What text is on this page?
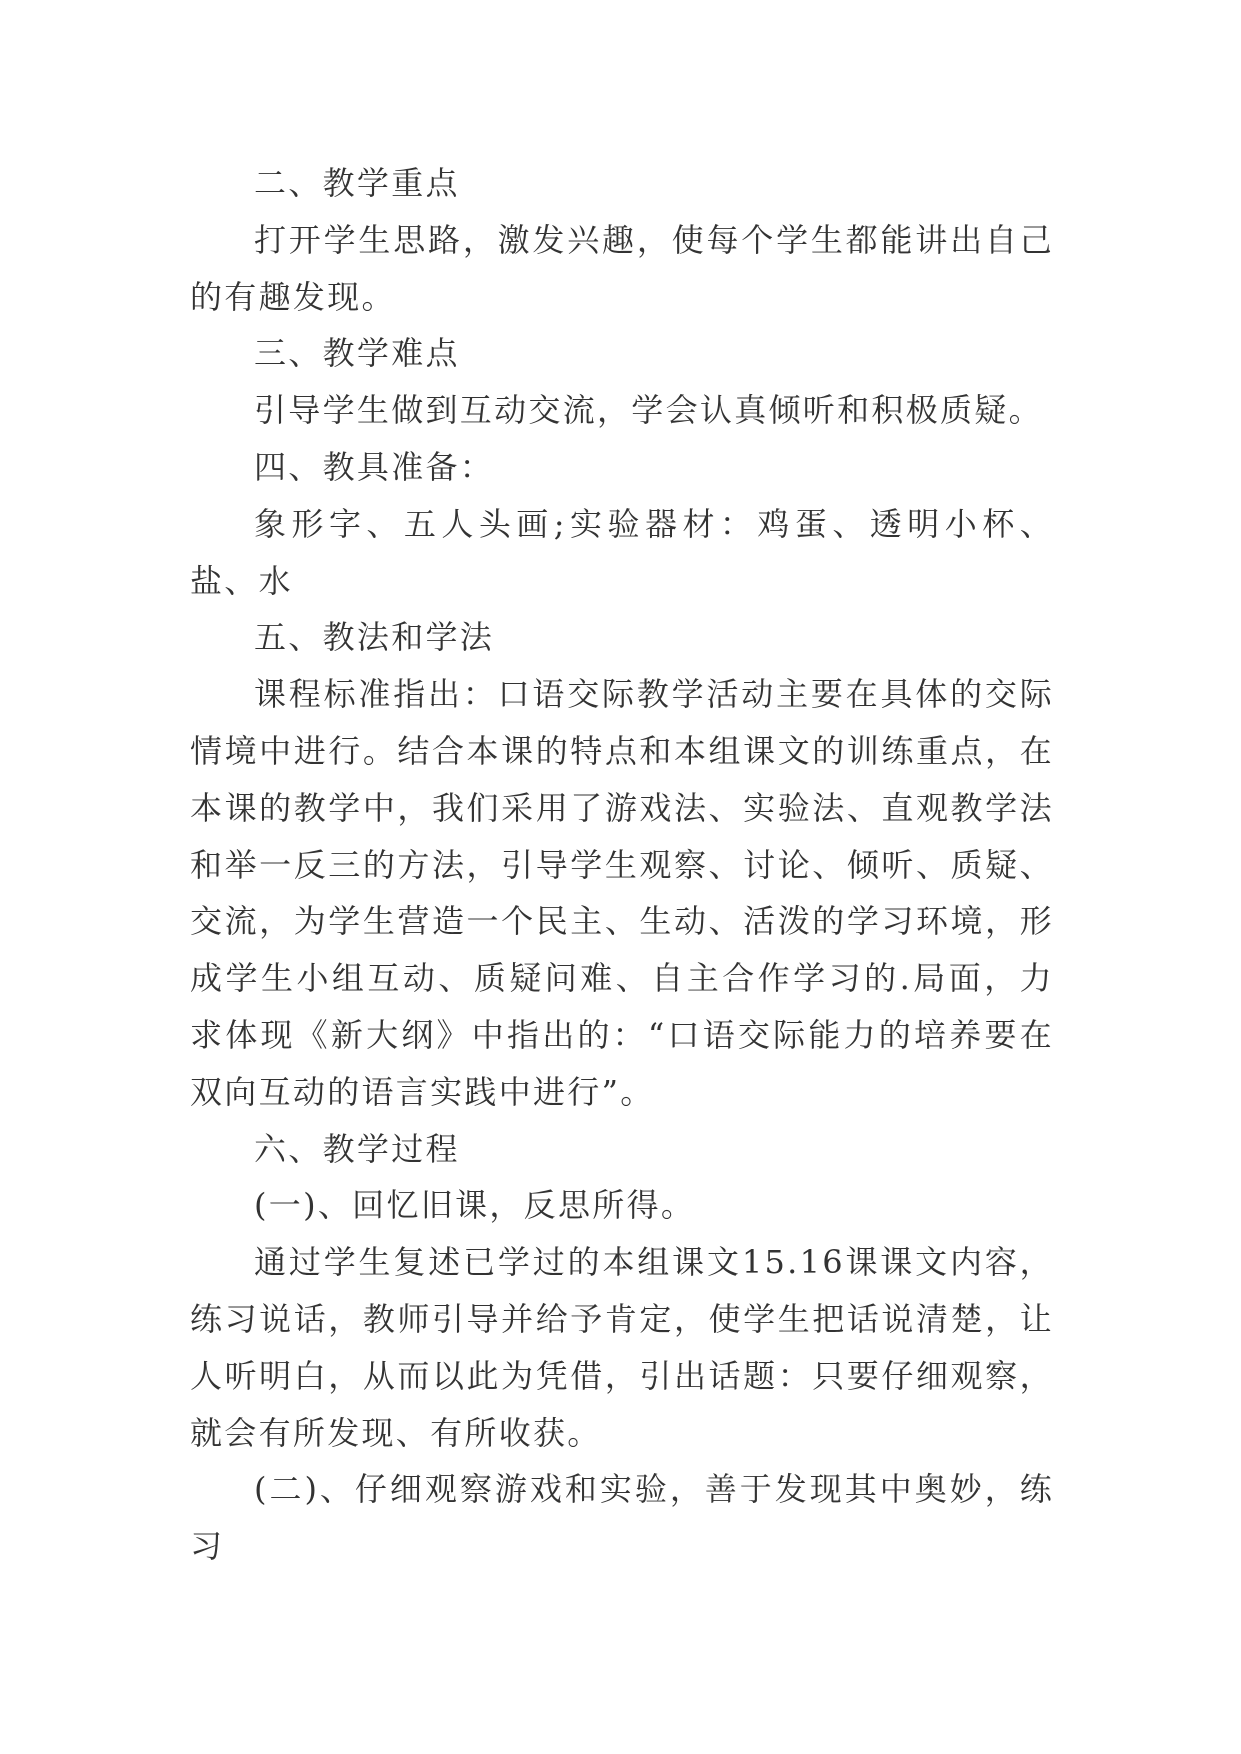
二、教学重点

打开学生思路，激发兴趣，使每个学生都能讲出自己的有趣发现。

三、教学难点

引导学生做到互动交流，学会认真倾听和积极质疑。

四、教具准备：

象形字、五人头画;实验器材：鸡蛋、透明小杯、盐、水

五、教法和学法

课程标准指出：口语交际教学活动主要在具体的交际情境中进行。结合本课的特点和本组课文的训练重点，在本课的教学中，我们采用了游戏法、实验法、直观教学法和举一反三的方法，引导学生观察、讨论、倾听、质疑、交流，为学生营造一个民主、生动、活泼的学习环境，形成学生小组互动、质疑问难、自主合作学习的.局面，力求体现《新大纲》中指出的：“口语交际能力的培养要在双向互动的语言实践中进行”。

六、教学过程

(一)、回忆旧课，反思所得。

通过学生复述已学过的本组课文15.16课课文内容，练习说话，教师引导并给予肯定，使学生把话说清楚，让人听明白，从而以此为凭借，引出话题：只要仔细观察，就会有所发现、有所收获。

(二)、仔细观察游戏和实验，善于发现其中奥妙，练习
